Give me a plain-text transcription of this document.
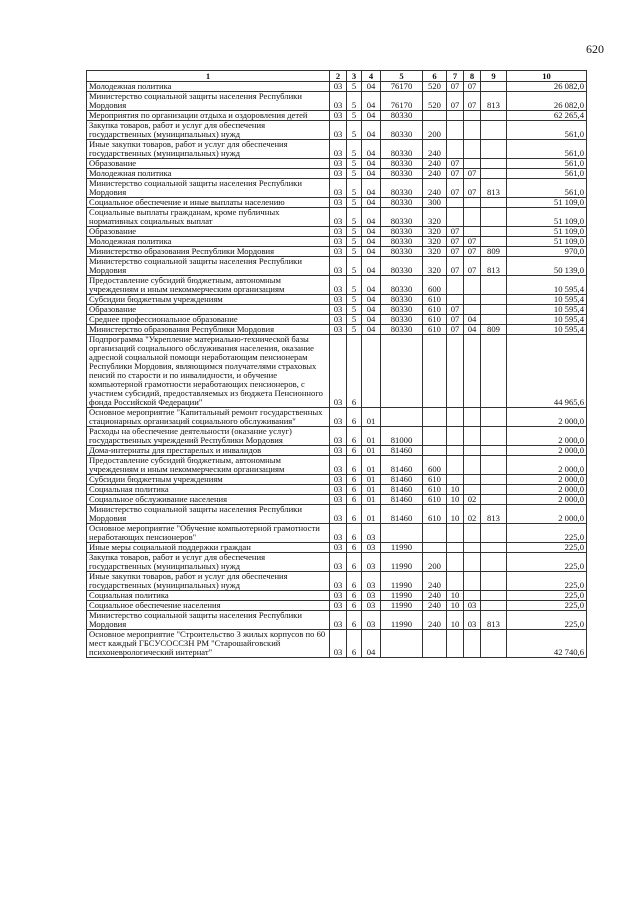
620
1	2	3	4	5	6	7	8	9	10
Молодежная политика	03	5	04	76170	520	07	07		26 082,0
Министерство социальной защиты населения Республики Мордовия	03	5	04	76170	520	07	07	813	26 082,0
Мероприятия по организации отдыха и оздоровления детей	03	5	04	80330					62 265,4
Закупка товаров, работ и услуг для обеспечения государственных (муниципальных) нужд	03	5	04	80330	200				561,0
Иные закупки товаров, работ и услуг для обеспечения государственных (муниципальных) нужд	03	5	04	80330	240				561,0
Образование	03	5	04	80330	240	07			561,0
Молодежная политика	03	5	04	80330	240	07	07		561,0
Министерство социальной защиты населения Республики Мордовия	03	5	04	80330	240	07	07	813	561,0
Социальное обеспечение и иные выплаты населению	03	5	04	80330	300				51 109,0
Социальные выплаты гражданам, кроме публичных нормативных социальных выплат	03	5	04	80330	320				51 109,0
Образование	03	5	04	80330	320	07			51 109,0
Молодежная политика	03	5	04	80330	320	07	07		51 109,0
Министерство образования Республики Мордовия	03	5	04	80330	320	07	07	809	970,0
Министерство социальной защиты населения Республики Мордовия	03	5	04	80330	320	07	07	813	50 139,0
Предоставление субсидий бюджетным, автономным учреждениям и иным некоммерческим организациям	03	5	04	80330	600				10 595,4
Субсидии бюджетным учреждениям	03	5	04	80330	610				10 595,4
Образование	03	5	04	80330	610	07			10 595,4
Среднее профессиональное образование	03	5	04	80330	610	07	04		10 595,4
Министерство образования Республики Мордовия	03	5	04	80330	610	07	04	809	10 595,4
Подпрограмма "Укрепление материально-технической базы организаций социального обслуживания населения, оказание адресной социальной помощи неработающим пенсионерам Республики Мордовия, являющимся получателями страховых пенсий по старости и по инвалидности, и обучение компьютерной грамотности неработающих пенсионеров, с участием субсидий, предоставляемых из бюджета Пенсионного фонда Российской Федерации"	03	6							44 965,6
Основное мероприятие "Капитальный ремонт государственных стационарных организаций социального обслуживания"	03	6	01						2 000,0
Расходы на обеспечение деятельности (оказание услуг) государственных учреждений Республики Мордовия	03	6	01	81000					2 000,0
Дома-интернаты для престарелых и инвалидов	03	6	01	81460					2 000,0
Предоставление субсидий бюджетным, автономным учреждениям и иным некоммерческим организациям	03	6	01	81460	600				2 000,0
Субсидии бюджетным учреждениям	03	6	01	81460	610				2 000,0
Социальная политика	03	6	01	81460	610	10			2 000,0
Социальное обслуживание населения	03	6	01	81460	610	10	02		2 000,0
Министерство социальной защиты населения Республики Мордовия	03	6	01	81460	610	10	02	813	2 000,0
Основное мероприятие "Обучение компьютерной грамотности неработающих пенсионеров"	03	6	03						225,0
Иные меры социальной поддержки граждан	03	6	03	11990					225,0
Закупка товаров, работ и услуг для обеспечения государственных (муниципальных) нужд	03	6	03	11990	200				225,0
Иные закупки товаров, работ и услуг для обеспечения государственных (муниципальных) нужд	03	6	03	11990	240				225,0
Социальная политика	03	6	03	11990	240	10			225,0
Социальное обеспечение населения	03	6	03	11990	240	10	03		225,0
Министерство социальной защиты населения Республики Мордовия	03	6	03	11990	240	10	03	813	225,0
Основное мероприятие "Строительство 3 жилых корпусов по 60 мест каждый ГБСУСОССЗН РМ "Старошайговский психоневрологический интернат"	03	6	04						42 740,6
